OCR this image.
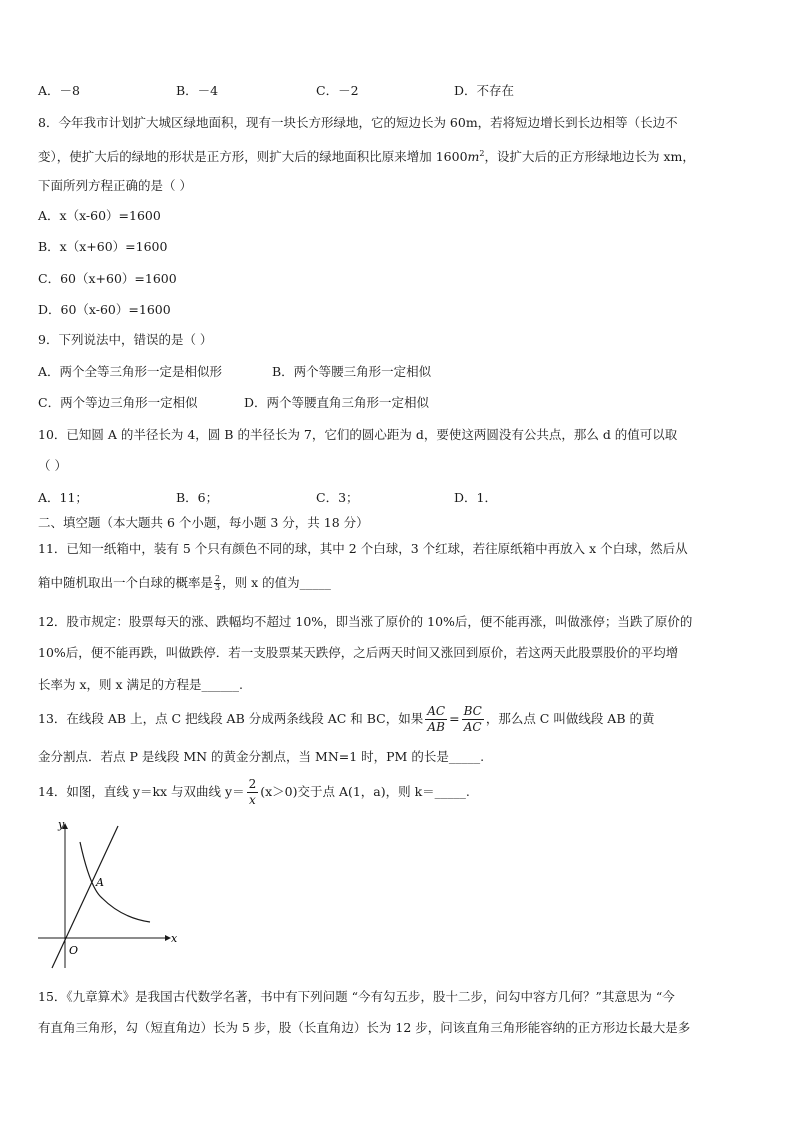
A．－8	B．－4	C．－2	D．不存在
8．今年我市计划扩大城区绿地面积，现有一块长方形绿地，它的短边长为 60m，若将短边增长到长边相等（长边不
变），使扩大后的绿地的形状是正方形，则扩大后的绿地面积比原来增加 $1600m^2$，设扩大后的正方形绿地边长为 xm，
下面所列方程正确的是（ ）
A．x（x-60）=1600
B．x（x+60）=1600
C．60（x+60）=1600
D．60（x-60）=1600
9．下列说法中，错误的是（ ）
A．两个全等三角形一定是相似形	B．两个等腰三角形一定相似
C．两个等边三角形一定相似	D．两个等腰直角三角形一定相似
10．已知圆 A 的半径长为 4，圆 B 的半径长为 7，它们的圆心距为 d，要使这两圆没有公共点，那么 d 的值可以取
（ ）
A．11；	B．6；	C．3；	D．1．
二、填空题（本大题共 6 个小题，每小题 3 分，共 18 分）
11．已知一纸箱中，装有 5 个只有颜色不同的球，其中 2 个白球，3 个红球，若往原纸箱中再放入 x 个白球，然后从
箱中随机取出一个白球的概率是 $\frac{2}{3}$ ，则 x 的值为_____
12．股市规定：股票每天的涨、跌幅均不超过 10%，即当涨了原价的 10%后，便不能再涨，叫做涨停；当跌了原价的
10%后，便不能再跌，叫做跌停．若一支股票某天跌停，之后两天时间又涨回到原价，若这两天此股票股价的平均增
长率为 x，则 x 满足的方程是______.
13．在线段 AB 上，点 C 把线段 AB 分成两条线段 AC 和 BC，如果 $\frac{AC}{AB} = \frac{BC}{AC}$ ，那么点 C 叫做线段 AB 的黄
金分割点．若点 P 是线段 MN 的黄金分割点，当 MN=1 时，PM 的长是_____.
14．如图，直线 y＝kx 与双曲线 $y= \frac{2}{x} (x>0)$交于点 A(1，a)，则 k＝_____.
y
x
O
A
15．《九章算术》是我国古代数学名著，书中有下列问题 “今有勾五步，股十二步，问勾中容方几何？”其意思为 “今
有直角三角形，勾（短直角边）长为 5 步，股（长直角边）长为 12 步，问该直角三角形能容纳的正方形边长最大是多
